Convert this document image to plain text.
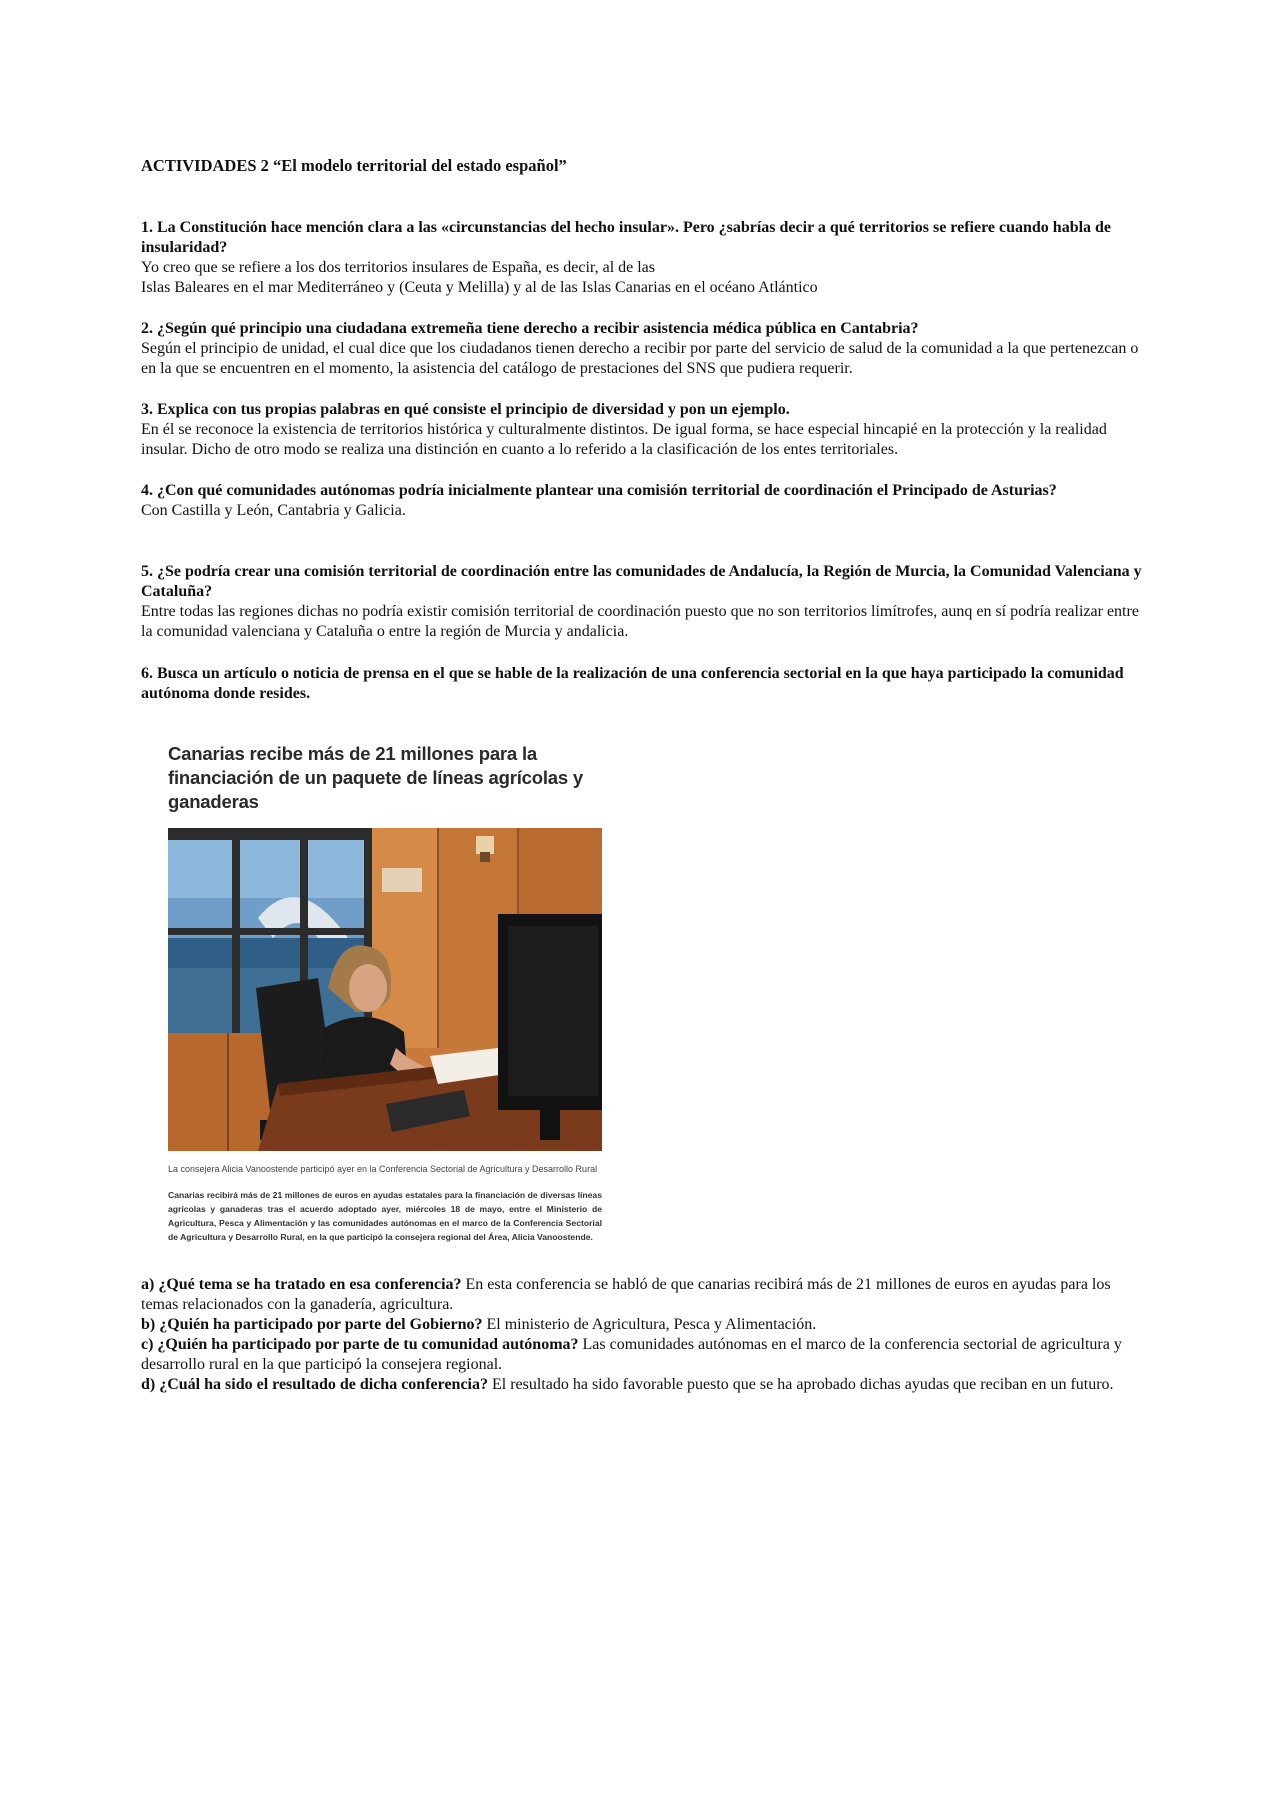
ACTIVIDADES 2 “El modelo territorial del estado español”
1. La Constitución hace mención clara a las «circunstancias del hecho insular». Pero ¿sabrías decir a qué territorios se refiere cuando habla de insularidad?
Yo creo que se refiere a los dos territorios insulares de España, es decir, al de las
Islas Baleares en el mar Mediterráneo y (Ceuta y Melilla) y al de las Islas Canarias en el océano Atlántico
2. ¿Según qué principio una ciudadana extremeña tiene derecho a recibir asistencia médica pública en Cantabria?
Según el principio de unidad, el cual dice que los ciudadanos tienen derecho a recibir por parte del servicio de salud de la comunidad a la que pertenezcan o en la que se encuentren en el momento, la asistencia del catálogo de prestaciones del SNS que pudiera requerir.
3. Explica con tus propias palabras en qué consiste el principio de diversidad y pon un ejemplo.
En él se reconoce la existencia de territorios histórica y culturalmente distintos. De igual forma, se hace especial hincapié en la protección y la realidad insular. Dicho de otro modo se realiza una distinción en cuanto a lo referido a la clasificación de los entes territoriales.
4. ¿Con qué comunidades autónomas podría inicialmente plantear una comisión territorial de coordinación el Principado de Asturias?
Con Castilla y León, Cantabria y Galicia.
5. ¿Se podría crear una comisión territorial de coordinación entre las comunidades de Andalucía, la Región de Murcia, la Comunidad Valenciana y Cataluña?
Entre todas las regiones dichas no podría existir comisión territorial de coordinación puesto que no son territorios limítrofes, aunq en sí podría realizar entre la comunidad valenciana y Cataluña o entre la región de Murcia y andalicia.
6. Busca un artículo o noticia de prensa en el que se hable de la realización de una conferencia sectorial en la que haya participado la comunidad autónoma donde resides.
Canarias recibe más de 21 millones para la financiación de un paquete de líneas agrícolas y ganaderas
La consejera Alicia Vanoostende participó ayer en la Conferencia Sectorial de Agricultura y Desarrollo Rural
Canarias recibirá más de 21 millones de euros en ayudas estatales para la financiación de diversas líneas agrícolas y ganaderas tras el acuerdo adoptado ayer, miércoles 18 de mayo, entre el Ministerio de Agricultura, Pesca y Alimentación y las comunidades autónomas en el marco de la Conferencia Sectorial de Agricultura y Desarrollo Rural, en la que participó la consejera regional del Área, Alicia Vanoostende.
a) ¿Qué tema se ha tratado en esa conferencia? En esta conferencia se habló de que canarias recibirá más de 21 millones de euros en ayudas para los temas relacionados con la ganadería, agricultura.
b) ¿Quién ha participado por parte del Gobierno? El ministerio de Agricultura, Pesca y Alimentación.
c) ¿Quién ha participado por parte de tu comunidad autónoma? Las comunidades autónomas en el marco de la conferencia sectorial de agricultura y desarrollo rural en la que participó la consejera regional.
d) ¿Cuál ha sido el resultado de dicha conferencia? El resultado ha sido favorable puesto que se ha aprobado dichas ayudas que reciban en un futuro.
